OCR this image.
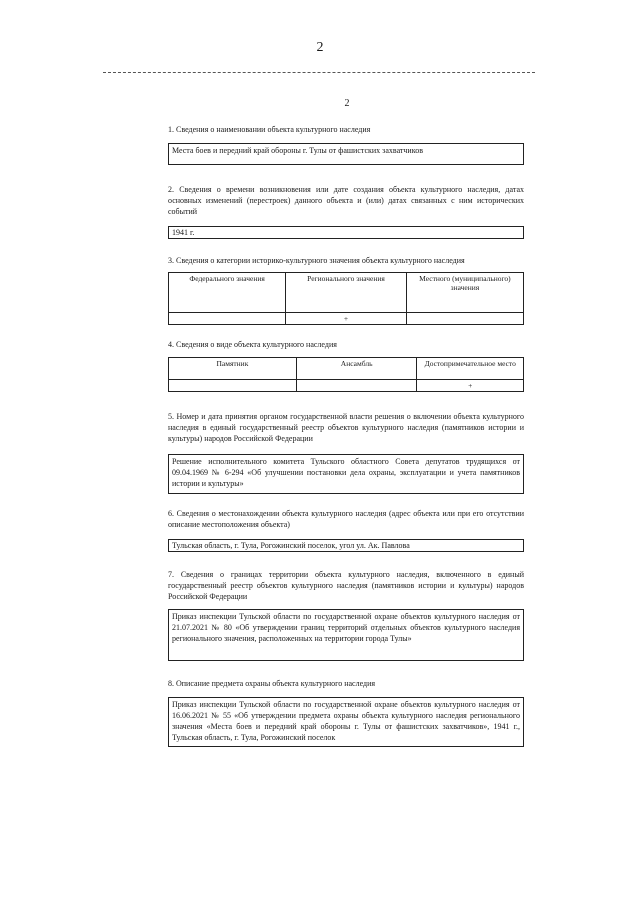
2
2
1. Сведения о наименовании объекта культурного наследия
Места боев и передний край обороны г. Тулы от фашистских захватчиков
2. Сведения о времени возникновения или дате создания объекта культурного наследия, датах основных изменений (перестроек) данного объекта и (или) датах связанных с ним исторических событий
1941 г.
3. Сведения о категории историко-культурного значения объекта культурного наследия
Федерального значения	Регионального значения	Местного (муниципального) значения
	+	
4. Сведения о виде объекта культурного наследия
Памятник	Ансамбль	Достопримечательное место
		+
5. Номер и дата принятия органом государственной власти решения о включении объекта культурного наследия в единый государственный реестр объектов культурного наследия (памятников истории и культуры) народов Российской Федерации
Решение исполнительного комитета Тульского областного Совета депутатов трудящихся от 09.04.1969 № 6-294 «Об улучшении постановки дела охраны, эксплуатации и учета памятников истории и культуры»
6. Сведения о местонахождении объекта культурного наследия (адрес объекта или при его отсутствии описание местоположения объекта)
Тульская область, г. Тула, Рогожинский поселок, угол ул. Ак. Павлова
7. Сведения о границах территории объекта культурного наследия, включенного в единый государственный реестр объектов культурного наследия (памятников истории и культуры) народов Российской Федерации
Приказ инспекции Тульской области по государственной охране объектов культурного наследия от 21.07.2021 № 80 «Об утверждении границ территорий отдельных объектов культурного наследия регионального значения, расположенных на территории города Тулы»
8. Описание предмета охраны объекта культурного наследия
Приказ инспекции Тульской области по государственной охране объектов культурного наследия от 16.06.2021 № 55 «Об утверждении предмета охраны объекта культурного наследия регионального значения «Места боев и передний край обороны г. Тулы от фашистских захватчиков», 1941 г., Тульская область, г. Тула, Рогожинский поселок
